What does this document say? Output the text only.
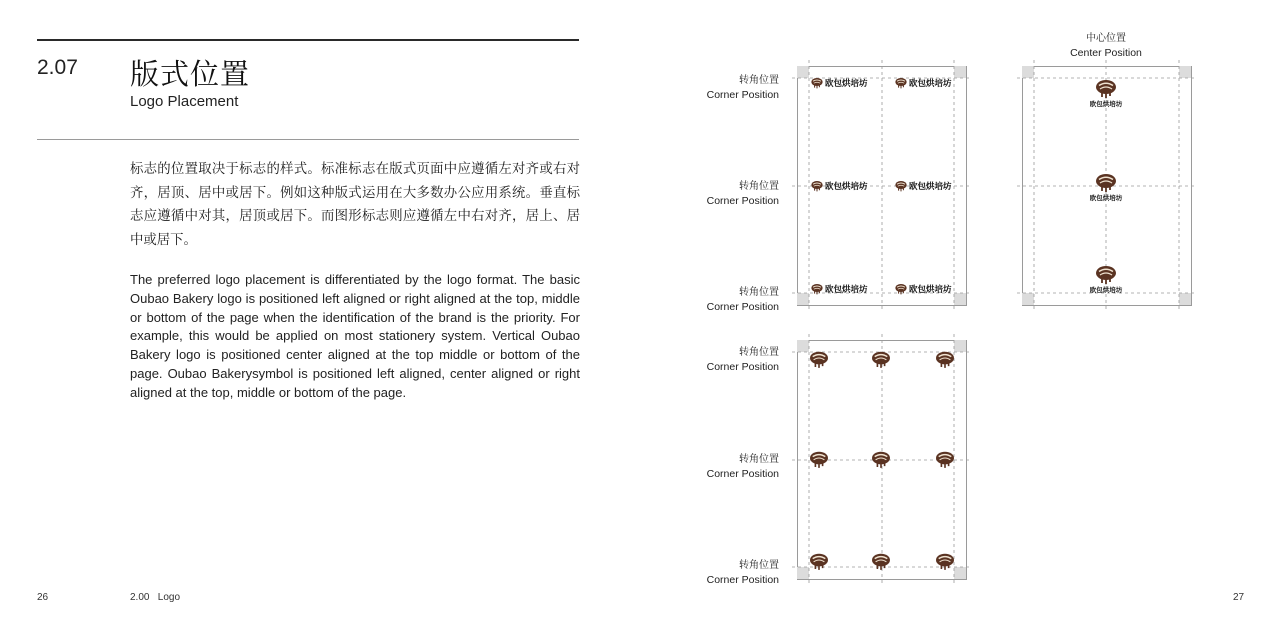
2.07 版式位置
Logo Placement
标志的位置取决于标志的样式。标准标志在版式页面中应遵循左对齐或右对齐，居顶、居中或居下。例如这种版式运用在大多数办公应用系统。垂直标志应遵循中对其，居顶或居下。而图形标志则应遵循左中右对齐，居上、居中或居下。
The preferred logo placement is differentiated by the logo format. The basic Oubao Bakery logo is positioned left aligned or right aligned at the top, middle or bottom of the page when the identification of the brand is the priority. For example, this would be applied on most stationery system. Vertical Oubao Bakery logo is positioned center aligned at the top middle or bottom of the page. Oubao Bakerysymbol is positioned left aligned, center aligned or right aligned at the top, middle or bottom of the page.
26	2.00   Logo	27
转角位置
Corner Position
转角位置
Corner Position
转角位置
Corner Position
转角位置
Corner Position
转角位置
Corner Position
转角位置
Corner Position
中心位置
Center Position
欧包烘培坊	欧包烘培坊
欧包烘培坊	欧包烘培坊
欧包烘培坊	欧包烘培坊
欧包烘培坊
欧包烘培坊
欧包烘培坊
